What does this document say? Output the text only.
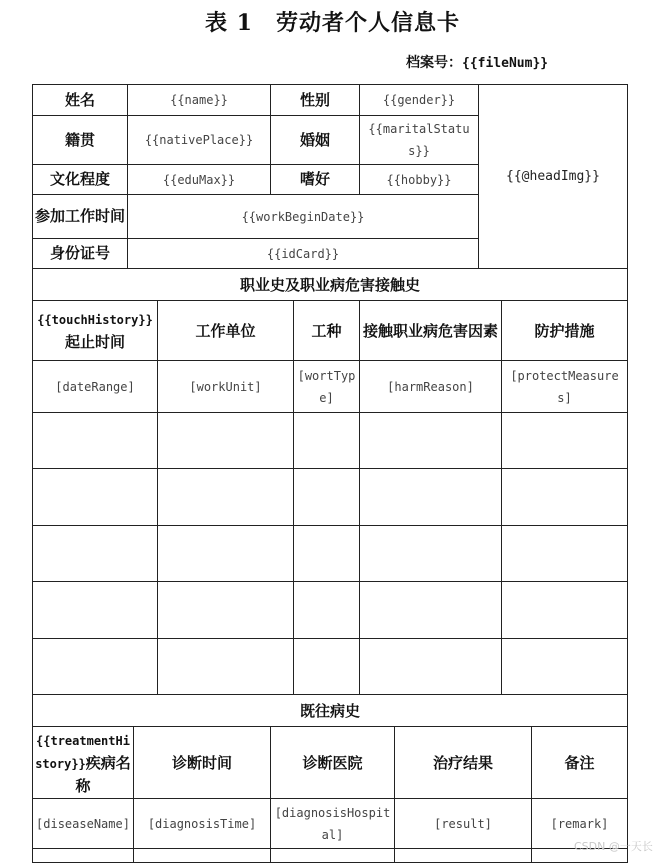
表 1　劳动者个人信息卡
档案号：{{fileNum}}
姓名	{{name}}	性别	{{gender}}	{{@headImg}}
籍贯	{{nativePlace}}	婚姻	{{maritalStatus}}	
文化程度	{{eduMax}}	嗜好	{{hobby}}	
参加工作时间	{{workBeginDate}}			
身份证号	{{idCard}}			
职业史及职业病危害接触史				
{{touchHistory}}起止时间	工作单位	工种	接触职业病危害因素	防护措施
[dateRange]	[workUnit]	[wortType]	[harmReason]	[protectMeasures]

既往病史				
{{treatmentHistory}}疾病名称	诊断时间	诊断医院	治疗结果	备注
[diseaseName]	[diagnosisTime]	[diagnosisHospital]	[result]	[remark]

CSDN @一天长
